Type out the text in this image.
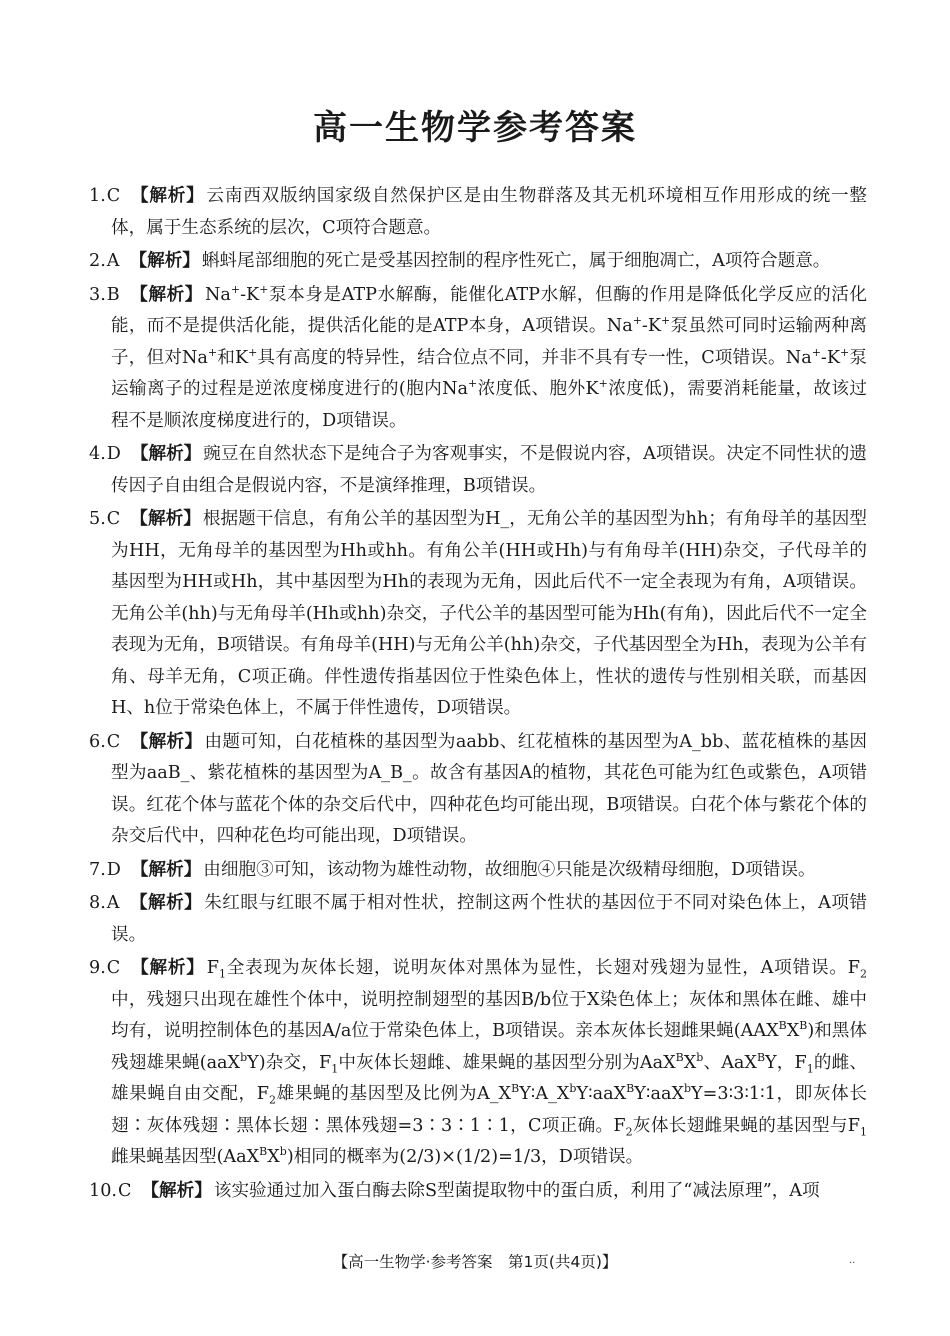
高一生物学参考答案

1.C 【解析】 云南西双版纳国家级自然保护区是由生物群落及其无机环境相互作用形成的统一整体，属于生态系统的层次，C项符合题意。

2.A 【解析】 蝌蚪尾部细胞的死亡是受基因控制的程序性死亡，属于细胞凋亡，A项符合题意。

3.B 【解析】 Na+-K+泵本身是ATP水解酶，能催化ATP水解，但酶的作用是降低化学反应的活化能，而不是提供活化能，提供活化能的是ATP本身，A项错误。Na+-K+泵虽然可同时运输两种离子，但对Na+和K+具有高度的特异性，结合位点不同，并非不具有专一性，C项错误。Na+-K+泵运输离子的过程是逆浓度梯度进行的(胞内Na+浓度低、胞外K+浓度低)，需要消耗能量，故该过程不是顺浓度梯度进行的，D项错误。

4.D 【解析】 豌豆在自然状态下是纯合子为客观事实，不是假说内容，A项错误。决定不同性状的遗传因子自由组合是假说内容，不是演绎推理，B项错误。

5.C 【解析】 根据题干信息，有角公羊的基因型为H_，无角公羊的基因型为hh；有角母羊的基因型为HH，无角母羊的基因型为Hh或hh。有角公羊(HH或Hh)与有角母羊(HH)杂交，子代母羊的基因型为HH或Hh，其中基因型为Hh的表现为无角，因此后代不一定全表现为有角，A项错误。无角公羊(hh)与无角母羊(Hh或hh)杂交，子代公羊的基因型可能为Hh(有角)，因此后代不一定全表现为无角，B项错误。有角母羊(HH)与无角公羊(hh)杂交，子代基因型全为Hh，表现为公羊有角、母羊无角，C项正确。伴性遗传指基因位于性染色体上，性状的遗传与性别相关联，而基因H、h位于常染色体上，不属于伴性遗传，D项错误。

6.C 【解析】 由题可知，白花植株的基因型为aabb、红花植株的基因型为A_bb、蓝花植株的基因型为aaB_、紫花植株的基因型为A_B_。故含有基因A的植物，其花色可能为红色或紫色，A项错误。红花个体与蓝花个体的杂交后代中，四种花色均可能出现，B项错误。白花个体与紫花个体的杂交后代中，四种花色均可能出现，D项错误。

7.D 【解析】 由细胞③可知，该动物为雄性动物，故细胞④只能是次级精母细胞，D项错误。

8.A 【解析】 朱红眼与红眼不属于相对性状，控制这两个性状的基因位于不同对染色体上，A项错误。

9.C 【解析】 $F_1$全表现为灰体长翅，说明灰体对黑体为显性，长翅对残翅为显性，A项错误。$F_2$中，残翅只出现在雄性个体中，说明控制翅型的基因B/b位于X染色体上；灰体和黑体在雌、雄中均有，说明控制体色的基因A/a位于常染色体上，B项错误。亲本灰体长翅雌果蝇$(AAX^BX^B)$和黑体残翅雄果蝇(aaX$^b$Y)杂交，$F_1$中灰体长翅雌、雄果蝇的基因型分别为$AaX^BX^b$、AaX$^B$Y，$F_1$的雌、雄果蝇自由交配，$F_2$雄果蝇的基因型及比例为$A\_X^BY∶A\_X^bY∶aaX^BY∶aaX^bY=3∶3∶1∶1$，即灰体长翅∶灰体残翅∶黑体长翅∶黑体残翅=3∶3∶1∶1，C项正确。$F_2$灰体长翅雌果蝇的基因型与$F_1$雌果蝇基因型$(AaX^BX^b)$相同的概率为(2/3)×(1/2)=1/3，D项错误。

10.C 【解析】 该实验通过加入蛋白酶去除S型菌提取物中的蛋白质，利用了“减法原理”，A项

【高一生物学·参考答案　第1页(共4页)】	··
